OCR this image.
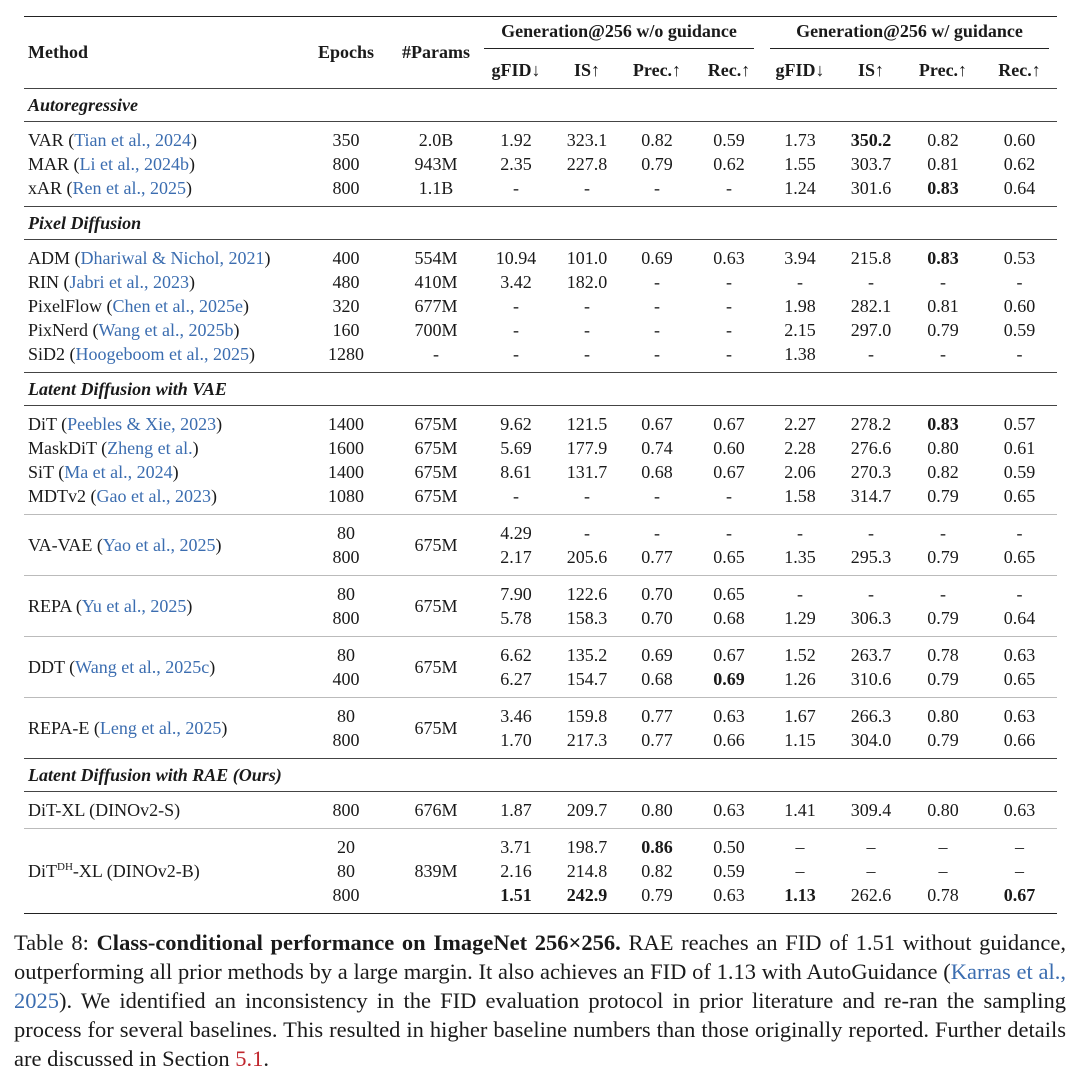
Method	Epochs	#Params	Generation@256 w/o guidance				Generation@256 w/ guidance			

			gFID↓	IS↑	Prec.↑	Rec.↑	gFID↓	IS↑	Prec.↑	Rec.↑
Autoregressive										

VAR (Tian et al., 2024)	350	2.0B	1.92	323.1	0.82	0.59	1.73	350.2	0.82	0.60
MAR (Li et al., 2024b)	800	943M	2.35	227.8	0.79	0.62	1.55	303.7	0.81	0.62
xAR (Ren et al., 2025)	800	1.1B	-	-	-	-	1.24	301.6	0.83	0.64

Pixel Diffusion										

ADM (Dhariwal & Nichol, 2021)	400	554M	10.94	101.0	0.69	0.63	3.94	215.8	0.83	0.53
RIN (Jabri et al., 2023)	480	410M	3.42	182.0	-	-	-	-	-	-
PixelFlow (Chen et al., 2025e)	320	677M	-	-	-	-	1.98	282.1	0.81	0.60
PixNerd (Wang et al., 2025b)	160	700M	-	-	-	-	2.15	297.0	0.79	0.59
SiD2 (Hoogeboom et al., 2025)	1280	-	-	-	-	-	1.38	-	-	-

Latent Diffusion with VAE										

DiT (Peebles & Xie, 2023)	1400	675M	9.62	121.5	0.67	0.67	2.27	278.2	0.83	0.57
MaskDiT (Zheng et al.)	1600	675M	5.69	177.9	0.74	0.60	2.28	276.6	0.80	0.61
SiT (Ma et al., 2024)	1400	675M	8.61	131.7	0.68	0.67	2.06	270.3	0.82	0.59
MDTv2 (Gao et al., 2023)	1080	675M	-	-	-	-	1.58	314.7	0.79	0.65

VA-VAE (Yao et al., 2025)	80	675M	4.29	-	-	-	-	-	-	-
	800		2.17	205.6	0.77	0.65	1.35	295.3	0.79	0.65

REPA (Yu et al., 2025)	80	675M	7.90	122.6	0.70	0.65	-	-	-	-
	800		5.78	158.3	0.70	0.68	1.29	306.3	0.79	0.64

DDT (Wang et al., 2025c)	80	675M	6.62	135.2	0.69	0.67	1.52	263.7	0.78	0.63
	400		6.27	154.7	0.68	0.69	1.26	310.6	0.79	0.65

REPA-E (Leng et al., 2025)	80	675M	3.46	159.8	0.77	0.63	1.67	266.3	0.80	0.63
	800		1.70	217.3	0.77	0.66	1.15	304.0	0.79	0.66

Latent Diffusion with RAE (Ours)										

DiT-XL (DINOv2-S)	800	676M	1.87	209.7	0.80	0.63	1.41	309.4	0.80	0.63

DiT$^{DH}$-XL (DINOv2-B)	20	839M	3.71	198.7	0.86	0.50	–	–	–	–
	80		2.16	214.8	0.82	0.59	–	–	–	–
	800		1.51	242.9	0.79	0.63	1.13	262.6	0.78	0.67

Table 8: Class-conditional performance on ImageNet 256×256. RAE reaches an FID of 1.51 without guidance, outperforming all prior methods by a large margin. It also achieves an FID of 1.13 with AutoGuidance (Karras et al., 2025). We identified an inconsistency in the FID evaluation protocol in prior literature and re-ran the sampling process for several baselines. This resulted in higher baseline numbers than those originally reported. Further details are discussed in Section 5.1.
